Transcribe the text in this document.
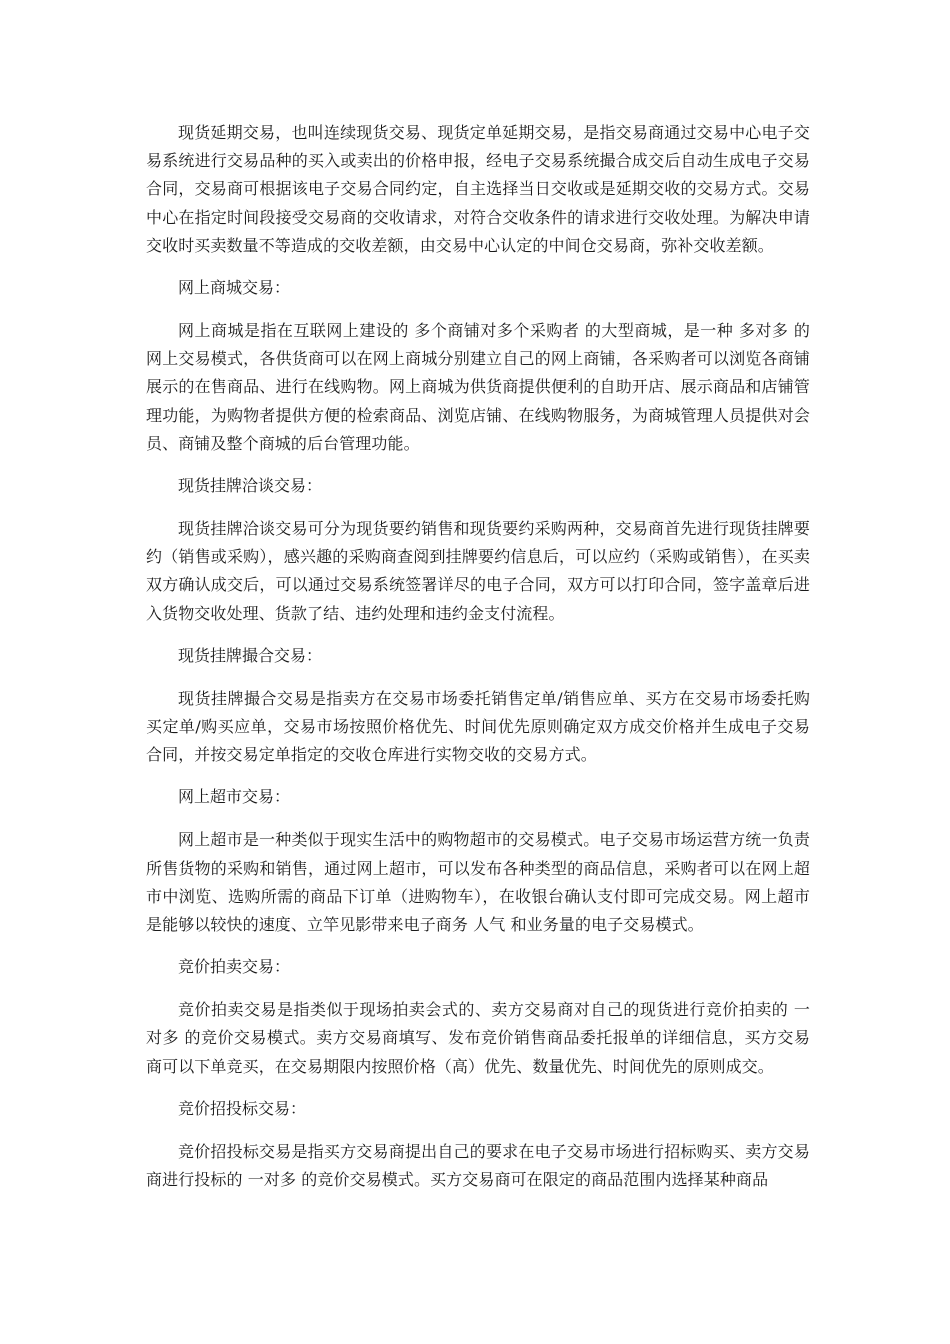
现货延期交易，也叫连续现货交易、现货定单延期交易，是指交易商通过交易中心电子交易系统进行交易品种的买入或卖出的价格申报，经电子交易系统撮合成交后自动生成电子交易合同，交易商可根据该电子交易合同约定，自主选择当日交收或是延期交收的交易方式。交易中心在指定时间段接受交易商的交收请求，对符合交收条件的请求进行交收处理。为解决申请交收时买卖数量不等造成的交收差额，由交易中心认定的中间仓交易商，弥补交收差额。

网上商城交易：

网上商城是指在互联网上建设的 多个商铺对多个采购者 的大型商城，是一种 多对多 的网上交易模式，各供货商可以在网上商城分别建立自己的网上商铺，各采购者可以浏览各商铺展示的在售商品、进行在线购物。网上商城为供货商提供便利的自助开店、展示商品和店铺管理功能，为购物者提供方便的检索商品、浏览店铺、在线购物服务，为商城管理人员提供对会员、商铺及整个商城的后台管理功能。

现货挂牌洽谈交易：

现货挂牌洽谈交易可分为现货要约销售和现货要约采购两种，交易商首先进行现货挂牌要约（销售或采购），感兴趣的采购商查阅到挂牌要约信息后，可以应约（采购或销售），在买卖双方确认成交后，可以通过交易系统签署详尽的电子合同，双方可以打印合同，签字盖章后进入货物交收处理、货款了结、违约处理和违约金支付流程。

现货挂牌撮合交易：

现货挂牌撮合交易是指卖方在交易市场委托销售定单/销售应单、买方在交易市场委托购买定单/购买应单，交易市场按照价格优先、时间优先原则确定双方成交价格并生成电子交易合同，并按交易定单指定的交收仓库进行实物交收的交易方式。

网上超市交易：

网上超市是一种类似于现实生活中的购物超市的交易模式。电子交易市场运营方统一负责所售货物的采购和销售，通过网上超市，可以发布各种类型的商品信息，采购者可以在网上超市中浏览、选购所需的商品下订单（进购物车），在收银台确认支付即可完成交易。网上超市是能够以较快的速度、立竿见影带来电子商务 人气 和业务量的电子交易模式。

竞价拍卖交易：

竞价拍卖交易是指类似于现场拍卖会式的、卖方交易商对自己的现货进行竞价拍卖的 一对多 的竞价交易模式。卖方交易商填写、发布竞价销售商品委托报单的详细信息，买方交易商可以下单竞买，在交易期限内按照价格（高）优先、数量优先、时间优先的原则成交。

竞价招投标交易：

竞价招投标交易是指买方交易商提出自己的要求在电子交易市场进行招标购买、卖方交易商进行投标的 一对多 的竞价交易模式。买方交易商可在限定的商品范围内选择某种商品
